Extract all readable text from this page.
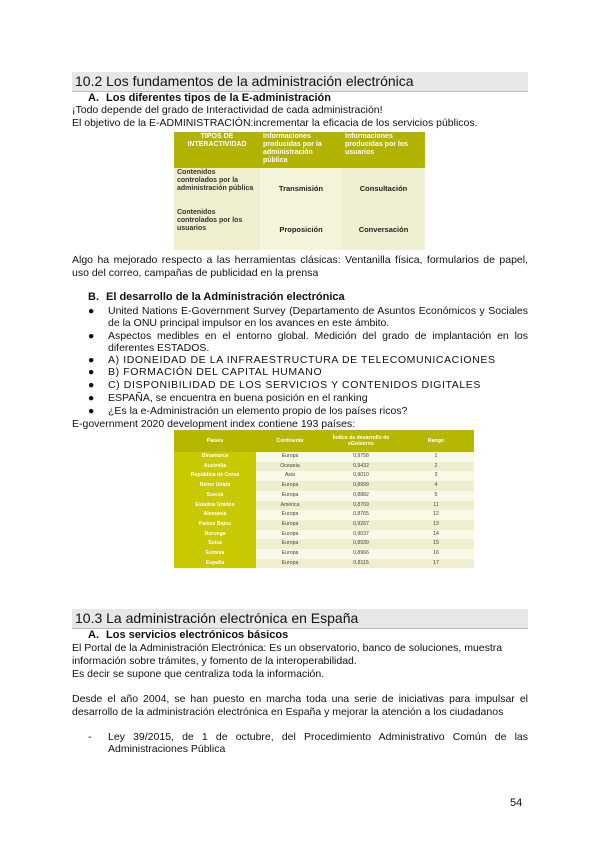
10.2 Los fundamentos de la administración electrónica
A. Los diferentes tipos de la E-administración
¡Todo depende del grado de Interactividad de cada administración!
El objetivo de la E-ADMINISTRACIÓN:incrementar la eficacia de los servicios públicos.
TIPOS DE INTERACTIVIDAD	Informaciones producidas por la administración pública	Informaciones producidas por los usuarios
Contenidos controlados por la administración pública	Transmisión	Consultación
Contenidos controlados por los usuarios	Proposición	Conversación
Algo ha mejorado respecto a las herramientas clásicas: Ventanilla física, formularios de papel, uso del correo, campañas de publicidad en la prensa
B. El desarrollo de la Administración electrónica
● United Nations E-Government Survey (Departamento de Asuntos Económicos y Sociales de la ONU principal impulsor en los avances en este ámbito.
● Aspectos medibles en el entorno global. Medición del grado de implantación en los diferentes ESTADOS.
● A) IDONEIDAD DE LA INFRAESTRUCTURA DE TELECOMUNICACIONES
● B) FORMACIÓN DEL CAPITAL HUMANO
● C) DISPONIBILIDAD DE LOS SERVICIOS Y CONTENIDOS DIGITALES
● ESPAÑA, se encuentra en buena posición en el ranking
● ¿Es la e-Administración un elemento propio de los países ricos?
E-government 2020 development index contiene 193 países:
Países	Continente	Índice de desarrollo de eGobierno	Rango
Dinamarca	Europa	0,9758	1
Australia	Oceanía	0,9432	2
República de Corea	Asia	0,9010	3
Reino Unido	Europa	0,8999	4
Suecia	Europa	0,8882	5
Estados Unidos	América	0,8769	11
Alemania	Europa	0,8765	12
Países Bajos	Europa	0,9267	13
Noruega	Europa	0,9037	14
Suiza	Europa	0,8939	15
Estonia	Europa	0,8966	16
España	Europa	0,8115	17
10.3 La administración electrónica en España
A. Los servicios electrónicos básicos
El Portal de la Administración Electrónica: Es un observatorio, banco de soluciones, muestra información sobre trámites, y fomento de la interoperabilidad.
Es decir se supone que centraliza toda la información.
Desde el año 2004, se han puesto en marcha toda una serie de iniciativas para impulsar el desarrollo de la administración electrónica en España y mejorar la atención a los ciudadanos
- Ley 39/2015, de 1 de octubre, del Procedimiento Administrativo Común de las Administraciones Pública
54
